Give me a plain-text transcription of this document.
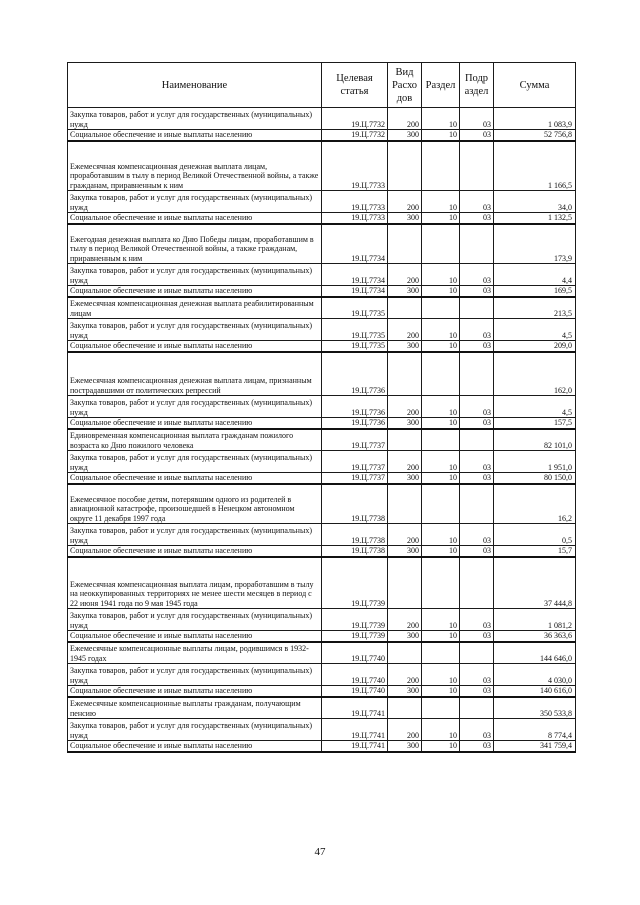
Наименование	Целевая статья	Вид Расхо дов	Раздел	Подр аздел	Сумма
Закупка товаров, работ и услуг для государственных (муниципальных) нужд	19.Ц.7732	200	10	03	1 083,9
Социальное обеспечение и иные выплаты населению	19.Ц.7732	300	10	03	52 756,8
Ежемесячная компенсационная денежная выплата лицам, проработавшим в тылу в период Великой Отечественной войны, а также гражданам, приравненным к ним	19.Ц.7733				1 166,5
Закупка товаров, работ и услуг для государственных (муниципальных) нужд	19.Ц.7733	200	10	03	34,0
Социальное обеспечение и иные выплаты населению	19.Ц.7733	300	10	03	1 132,5
Ежегодная денежная выплата ко Дню Победы лицам, проработавшим в тылу в период Великой Отечественной войны, а также гражданам, приравненным к ним	19.Ц.7734				173,9
Закупка товаров, работ и услуг для государственных (муниципальных) нужд	19.Ц.7734	200	10	03	4,4
Социальное обеспечение и иные выплаты населению	19.Ц.7734	300	10	03	169,5
Ежемесячная компенсационная денежная выплата реабилитированным лицам	19.Ц.7735				213,5
Закупка товаров, работ и услуг для государственных (муниципальных) нужд	19.Ц.7735	200	10	03	4,5
Социальное обеспечение и иные выплаты населению	19.Ц.7735	300	10	03	209,0
Ежемесячная компенсационная денежная выплата лицам, признанным пострадавшими от политических репрессий	19.Ц.7736				162,0
Закупка товаров, работ и услуг для государственных (муниципальных) нужд	19.Ц.7736	200	10	03	4,5
Социальное обеспечение и иные выплаты населению	19.Ц.7736	300	10	03	157,5
Единовременная компенсационная выплата гражданам пожилого возраста ко Дню пожилого человека	19.Ц.7737				82 101,0
Закупка товаров, работ и услуг для государственных (муниципальных) нужд	19.Ц.7737	200	10	03	1 951,0
Социальное обеспечение и иные выплаты населению	19.Ц.7737	300	10	03	80 150,0
Ежемесячное пособие детям, потерявшим одного из родителей в авиационной катастрофе, произошедшей в Ненецком автономном округе 11 декабря 1997 года	19.Ц.7738				16,2
Закупка товаров, работ и услуг для государственных (муниципальных) нужд	19.Ц.7738	200	10	03	0,5
Социальное обеспечение и иные выплаты населению	19.Ц.7738	300	10	03	15,7
Ежемесячная компенсационная выплата лицам, проработавшим в тылу на неоккупированных территориях не менее шести месяцев в период с 22 июня 1941 года по 9 мая 1945 года	19.Ц.7739				37 444,8
Закупка товаров, работ и услуг для государственных (муниципальных) нужд	19.Ц.7739	200	10	03	1 081,2
Социальное обеспечение и иные выплаты населению	19.Ц.7739	300	10	03	36 363,6
Ежемесячные компенсационные выплаты лицам, родившимся в 1932-1945 годах	19.Ц.7740				144 646,0
Закупка товаров, работ и услуг для государственных (муниципальных) нужд	19.Ц.7740	200	10	03	4 030,0
Социальное обеспечение и иные выплаты населению	19.Ц.7740	300	10	03	140 616,0
Ежемесячные компенсационные выплаты гражданам, получающим пенсию	19.Ц.7741				350 533,8
Закупка товаров, работ и услуг для государственных (муниципальных) нужд	19.Ц.7741	200	10	03	8 774,4
Социальное обеспечение и иные выплаты населению	19.Ц.7741	300	10	03	341 759,4
47
